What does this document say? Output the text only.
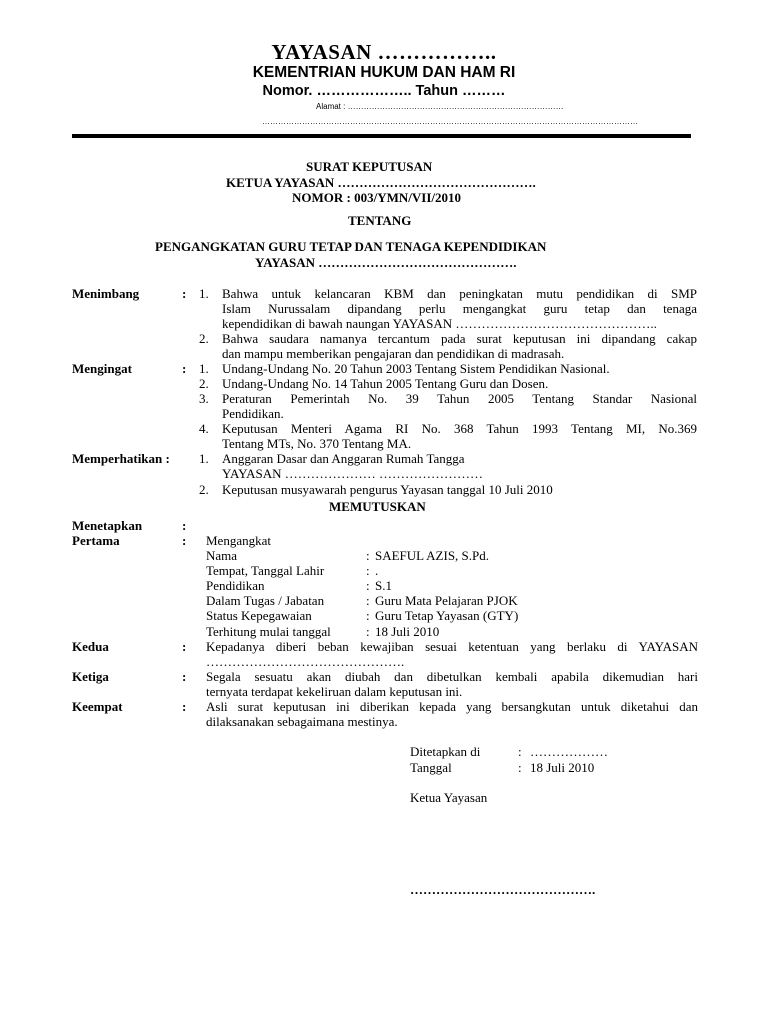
YAYASAN ……………..
KEMENTRIAN HUKUM DAN HAM RI
Nomor. ……………….. Tahun ………
Alamat : ………………………………………………………………………
……………………………………………………………………………………………………………………………
SURAT KEPUTUSAN
KETUA YAYASAN ……………………………………….
NOMOR : 003/YMN/VII/2010
TENTANG
PENGANGKATAN GURU TETAP DAN TENAGA KEPENDIDIKAN
YAYASAN ……………………………………….
Menimbang	: 1. Bahwa untuk kelancaran KBM dan peningkatan mutu pendidikan di SMP
Islam Nurussalam dipandang perlu mengangkat guru tetap dan tenaga
kependidikan di bawah naungan YAYASAN ………………………………………..
2. Bahwa saudara namanya tercantum pada surat keputusan ini dipandang cakap
dan mampu memberikan pengajaran dan pendidikan di madrasah.
Mengingat	: 1. Undang-Undang No. 20 Tahun 2003 Tentang Sistem Pendidikan Nasional.
2. Undang-Undang No. 14 Tahun 2005 Tentang Guru dan Dosen.
3. Peraturan Pemerintah No. 39 Tahun 2005 Tentang Standar Nasional
Pendidikan.
4. Keputusan Menteri Agama RI No. 368 Tahun 1993 Tentang MI, No.369
Tentang MTs, No. 370 Tentang MA.
Memperhatikan : 1. Anggaran Dasar dan Anggaran Rumah Tangga
YAYASAN ………………… ……………………
2. Keputusan musyawarah pengurus Yayasan tanggal 10 Juli 2010
MEMUTUSKAN
Menetapkan	:
Pertama	: Mengangkat
Nama	: SAEFUL AZIS, S.Pd.
Tempat, Tanggal Lahir	: .
Pendidikan	: S.1
Dalam Tugas / Jabatan	: Guru Mata Pelajaran PJOK
Status Kepegawaian	: Guru Tetap Yayasan (GTY)
Terhitung mulai tanggal	: 18 Juli 2010
Kedua	: Kepadanya diberi beban kewajiban sesuai ketentuan yang berlaku di YAYASAN
……………………………………….
Ketiga	: Segala sesuatu akan diubah dan dibetulkan kembali apabila dikemudian hari
ternyata terdapat kekeliruan dalam keputusan ini.
Keempat	: Asli surat keputusan ini diberikan kepada yang bersangkutan untuk diketahui dan
dilaksanakan sebagaimana mestinya.
Ditetapkan di	: ………………
Tanggal	: 18 Juli 2010
Ketua Yayasan
…………………………………….
